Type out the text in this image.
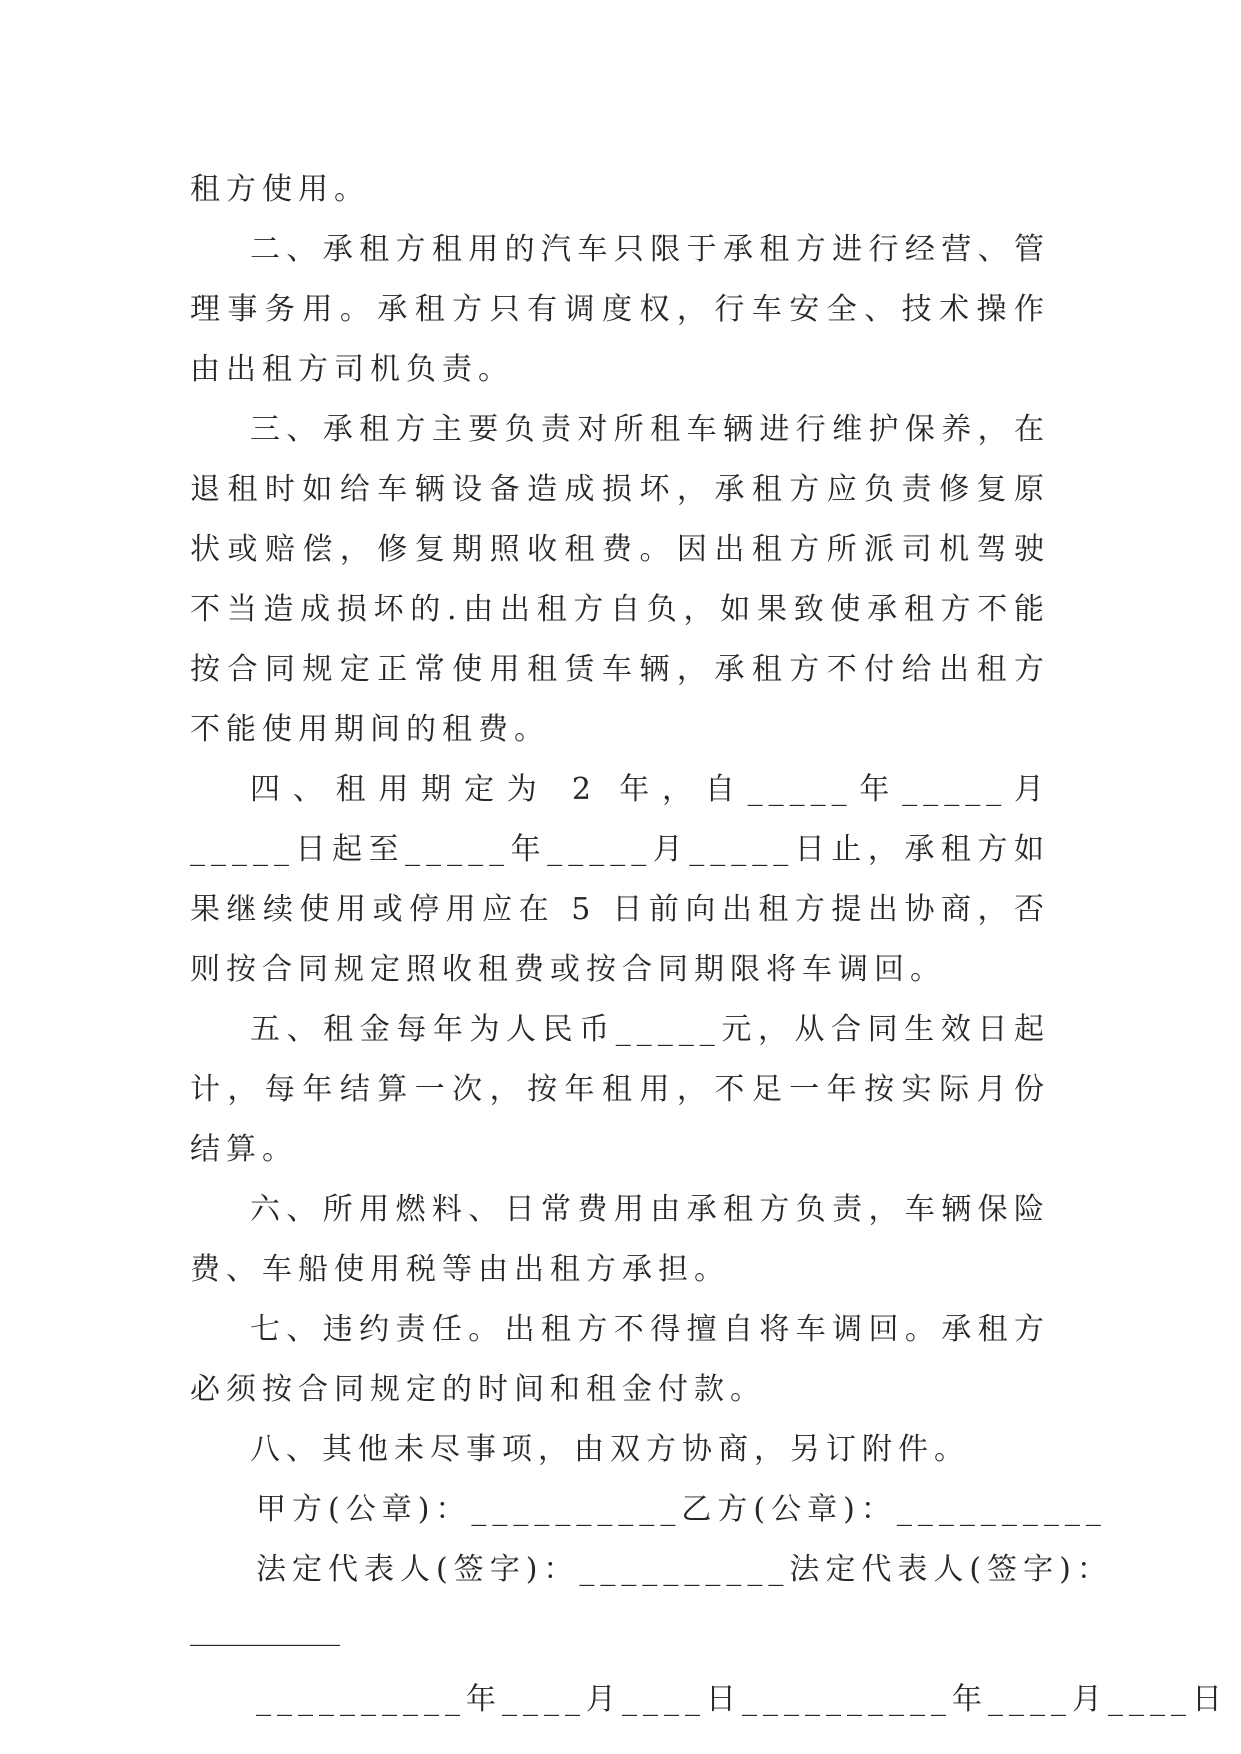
租方使用。

二、承租方租用的汽车只限于承租方进行经营、管理事务用。承租方只有调度权，行车安全、技术操作由出租方司机负责。

三、承租方主要负责对所租车辆进行维护保养，在退租时如给车辆设备造成损坏，承租方应负责修复原状或赔偿，修复期照收租费。因出租方所派司机驾驶不当造成损坏的.由出租方自负，如果致使承租方不能按合同规定正常使用租赁车辆，承租方不付给出租方不能使用期间的租费。

四、租用期定为 2 年，自_____年_____月_____日起至_____年_____月_____日止，承租方如果继续使用或停用应在 5 日前向出租方提出协商，否则按合同规定照收租费或按合同期限将车调回。

五、租金每年为人民币_____元，从合同生效日起计，每年结算一次，按年租用，不足一年按实际月份结算。

六、所用燃料、日常费用由承租方负责，车辆保险费、车船使用税等由出租方承担。

七、违约责任。出租方不得擅自将车调回。承租方必须按合同规定的时间和租金付款。

八、其他未尽事项，由双方协商，另订附件。

甲方(公章)：__________乙方(公章)：__________

法定代表人(签字)：__________法定代表人(签字)：

__________

__________年____月____日__________年____月____日
